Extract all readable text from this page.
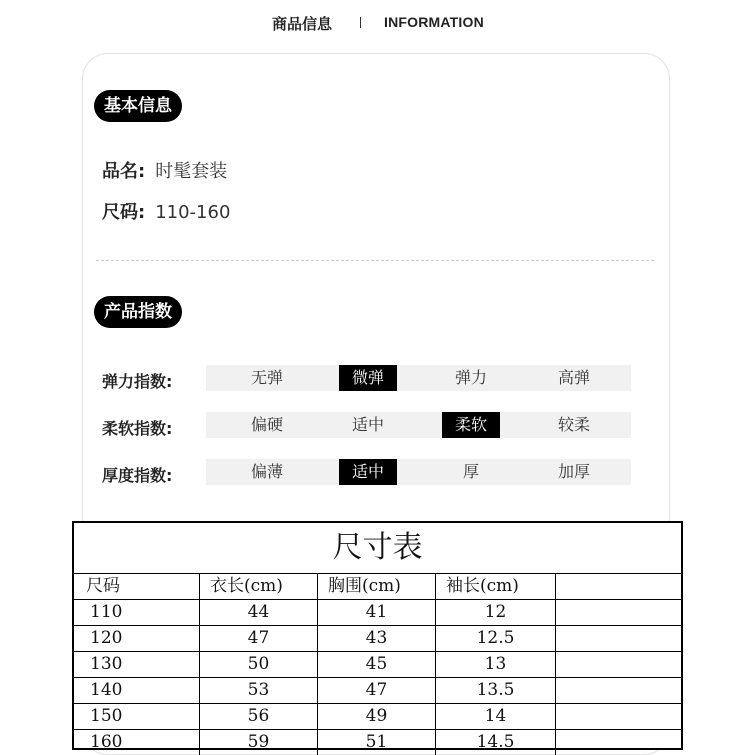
商品信息	INFORMATION
基本信息
品名: 时髦套装
尺码: 110-160
产品指数
弹力指数:	无弹	微弹	弹力	高弹
柔软指数:	偏硬	适中	柔软	较柔
厚度指数:	偏薄	适中	厚	加厚
尺寸表
尺码	衣长(cm)	胸围(cm)	袖长(cm)
110	44	41	12
120	47	43	12.5
130	50	45	13
140	53	47	13.5
150	56	49	14
160	59	51	14.5
